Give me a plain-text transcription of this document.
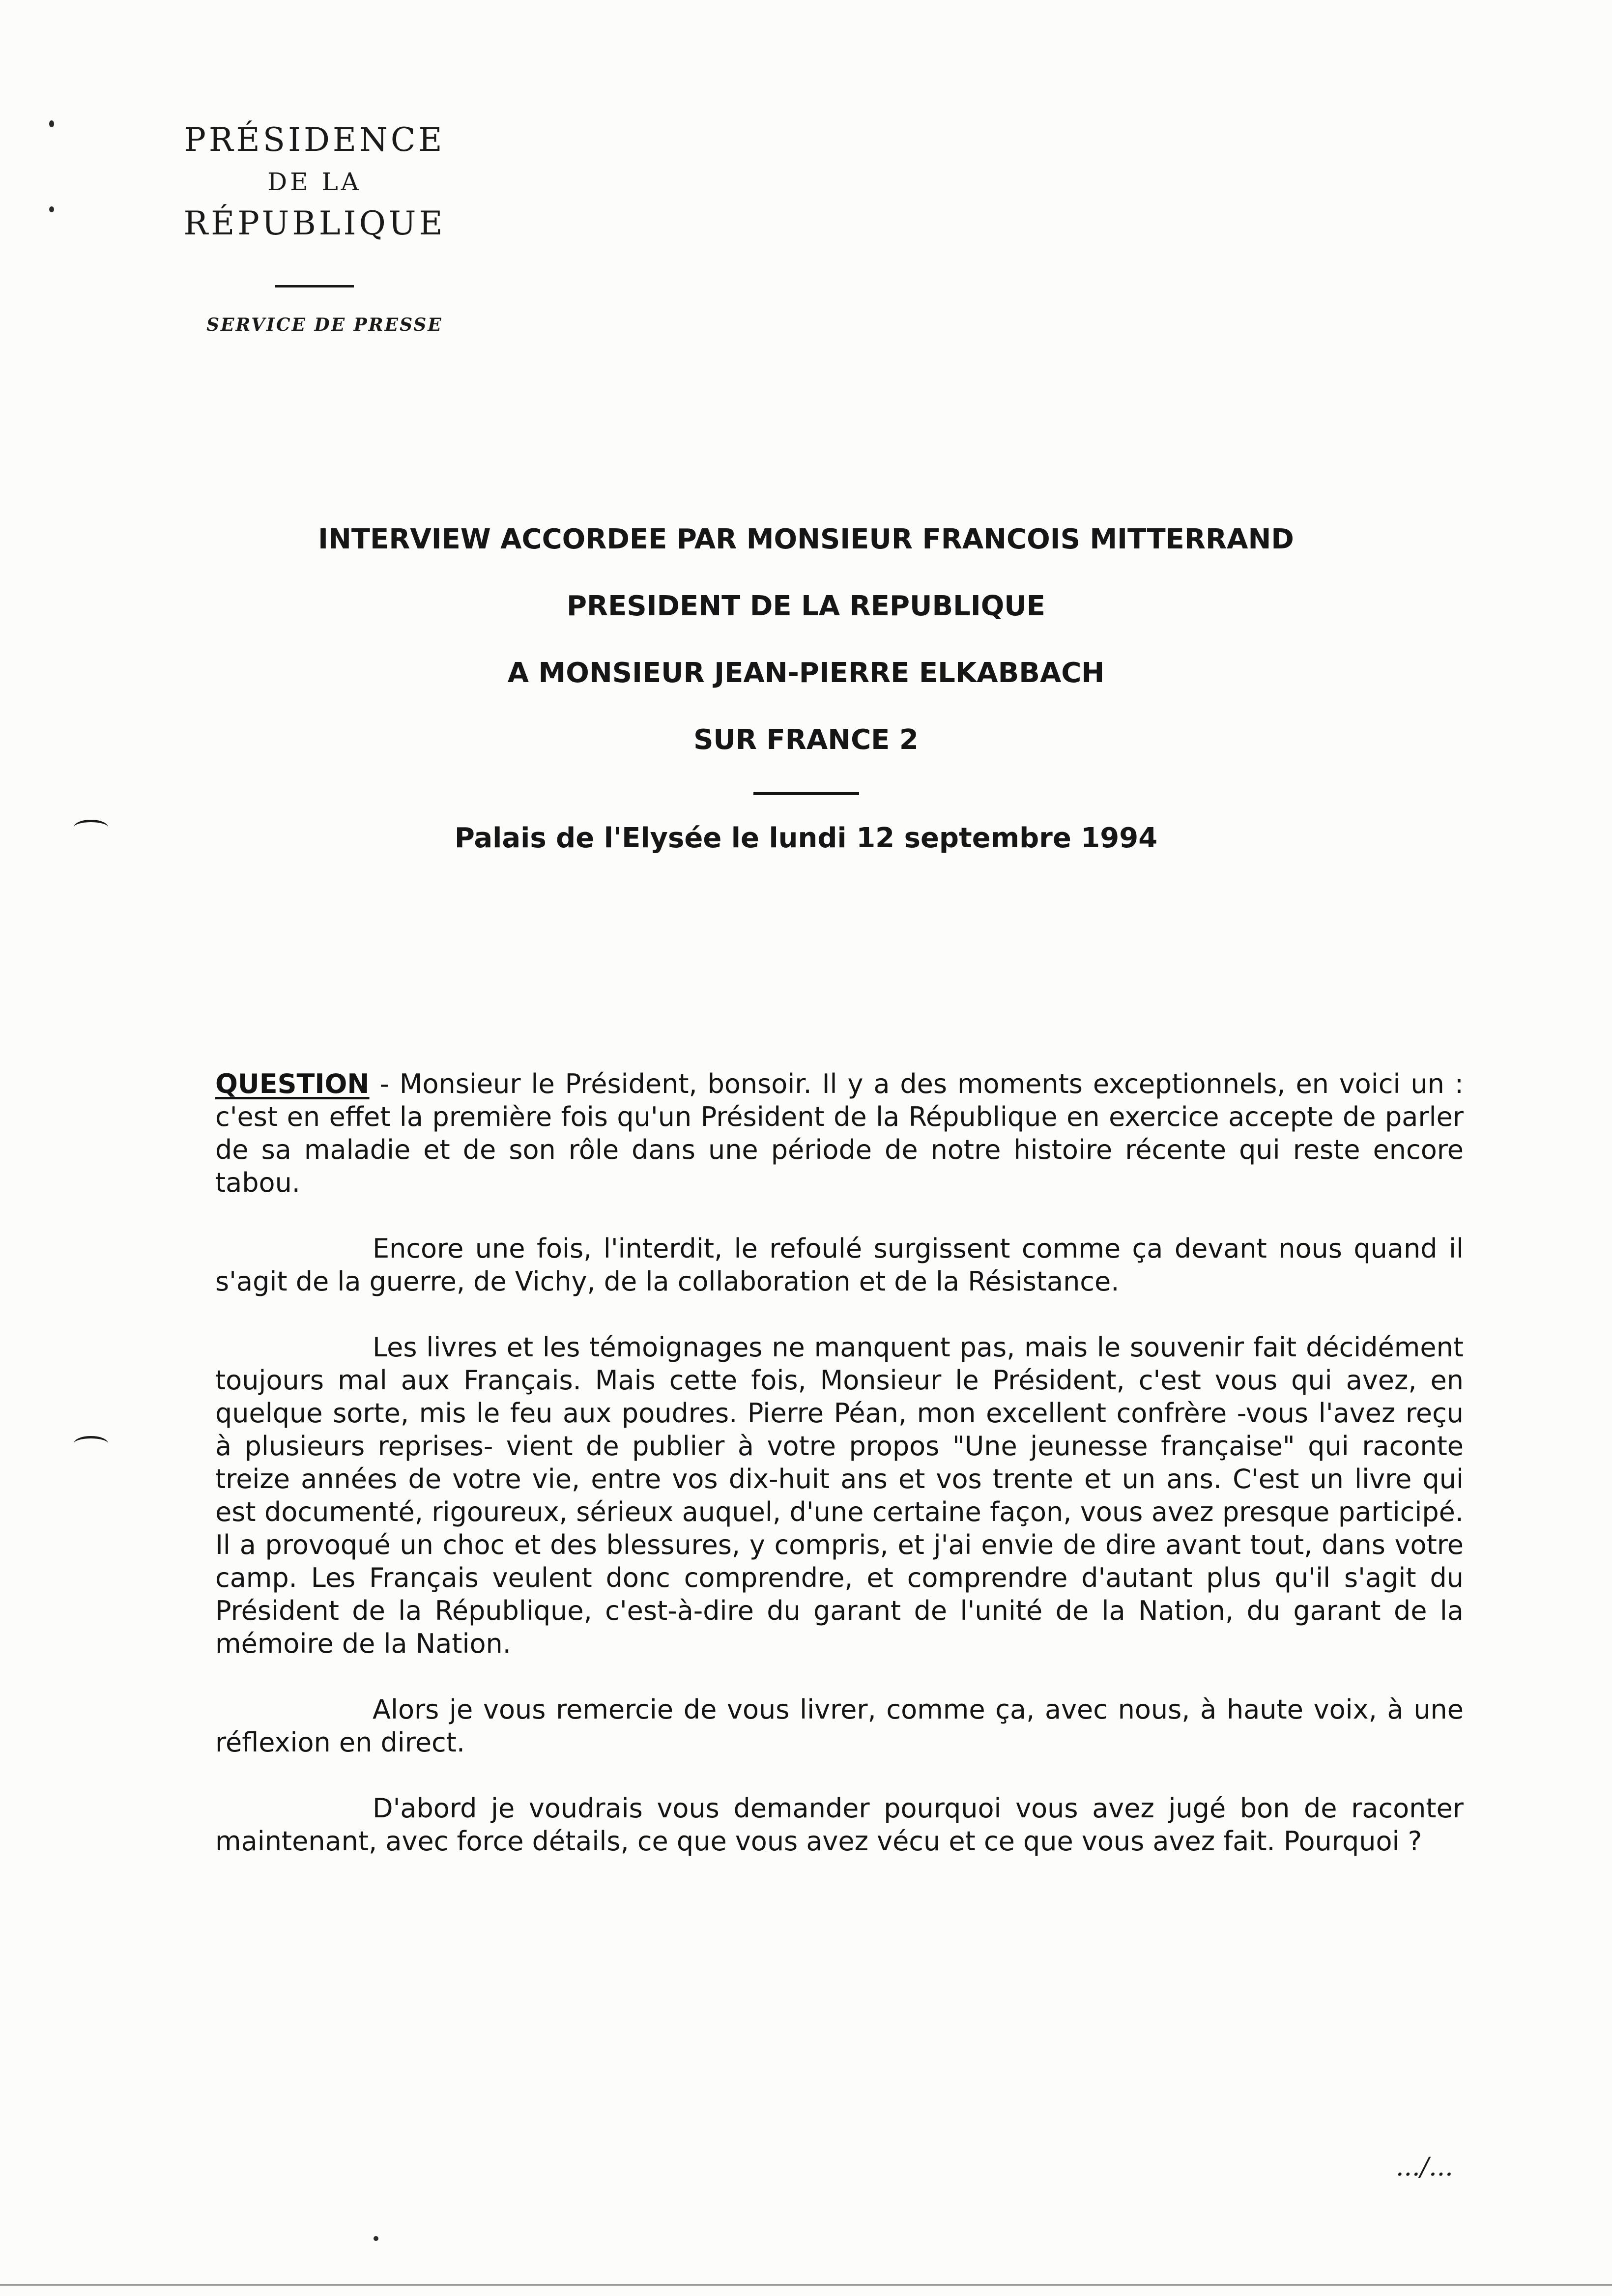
PRÉSIDENCE
DE LA
RÉPUBLIQUE
SERVICE DE PRESSE
INTERVIEW ACCORDEE PAR MONSIEUR FRANCOIS MITTERRAND
PRESIDENT DE LA REPUBLIQUE
A MONSIEUR JEAN-PIERRE ELKABBACH
SUR FRANCE 2
Palais de l'Elysée le lundi 12 septembre 1994

QUESTION - Monsieur le Président, bonsoir. Il y a des moments exceptionnels, en voici un : c'est en effet la première fois qu'un Président de la République en exercice accepte de parler de sa maladie et de son rôle dans une période de notre histoire récente qui reste encore tabou.

Encore une fois, l'interdit, le refoulé surgissent comme ça devant nous quand il s'agit de la guerre, de Vichy, de la collaboration et de la Résistance.

Les livres et les témoignages ne manquent pas, mais le souvenir fait décidément toujours mal aux Français. Mais cette fois, Monsieur le Président, c'est vous qui avez, en quelque sorte, mis le feu aux poudres. Pierre Péan, mon excellent confrère -vous l'avez reçu à plusieurs reprises- vient de publier à votre propos "Une jeunesse française" qui raconte treize années de votre vie, entre vos dix-huit ans et vos trente et un ans. C'est un livre qui est documenté, rigoureux, sérieux auquel, d'une certaine façon, vous avez presque participé. Il a provoqué un choc et des blessures, y compris, et j'ai envie de dire avant tout, dans votre camp. Les Français veulent donc comprendre, et comprendre d'autant plus qu'il s'agit du Président de la République, c'est-à-dire du garant de l'unité de la Nation, du garant de la mémoire de la Nation.

Alors je vous remercie de vous livrer, comme ça, avec nous, à haute voix, à une réflexion en direct.

D'abord je voudrais vous demander pourquoi vous avez jugé bon de raconter maintenant, avec force détails, ce que vous avez vécu et ce que vous avez fait. Pourquoi ?

.../...
